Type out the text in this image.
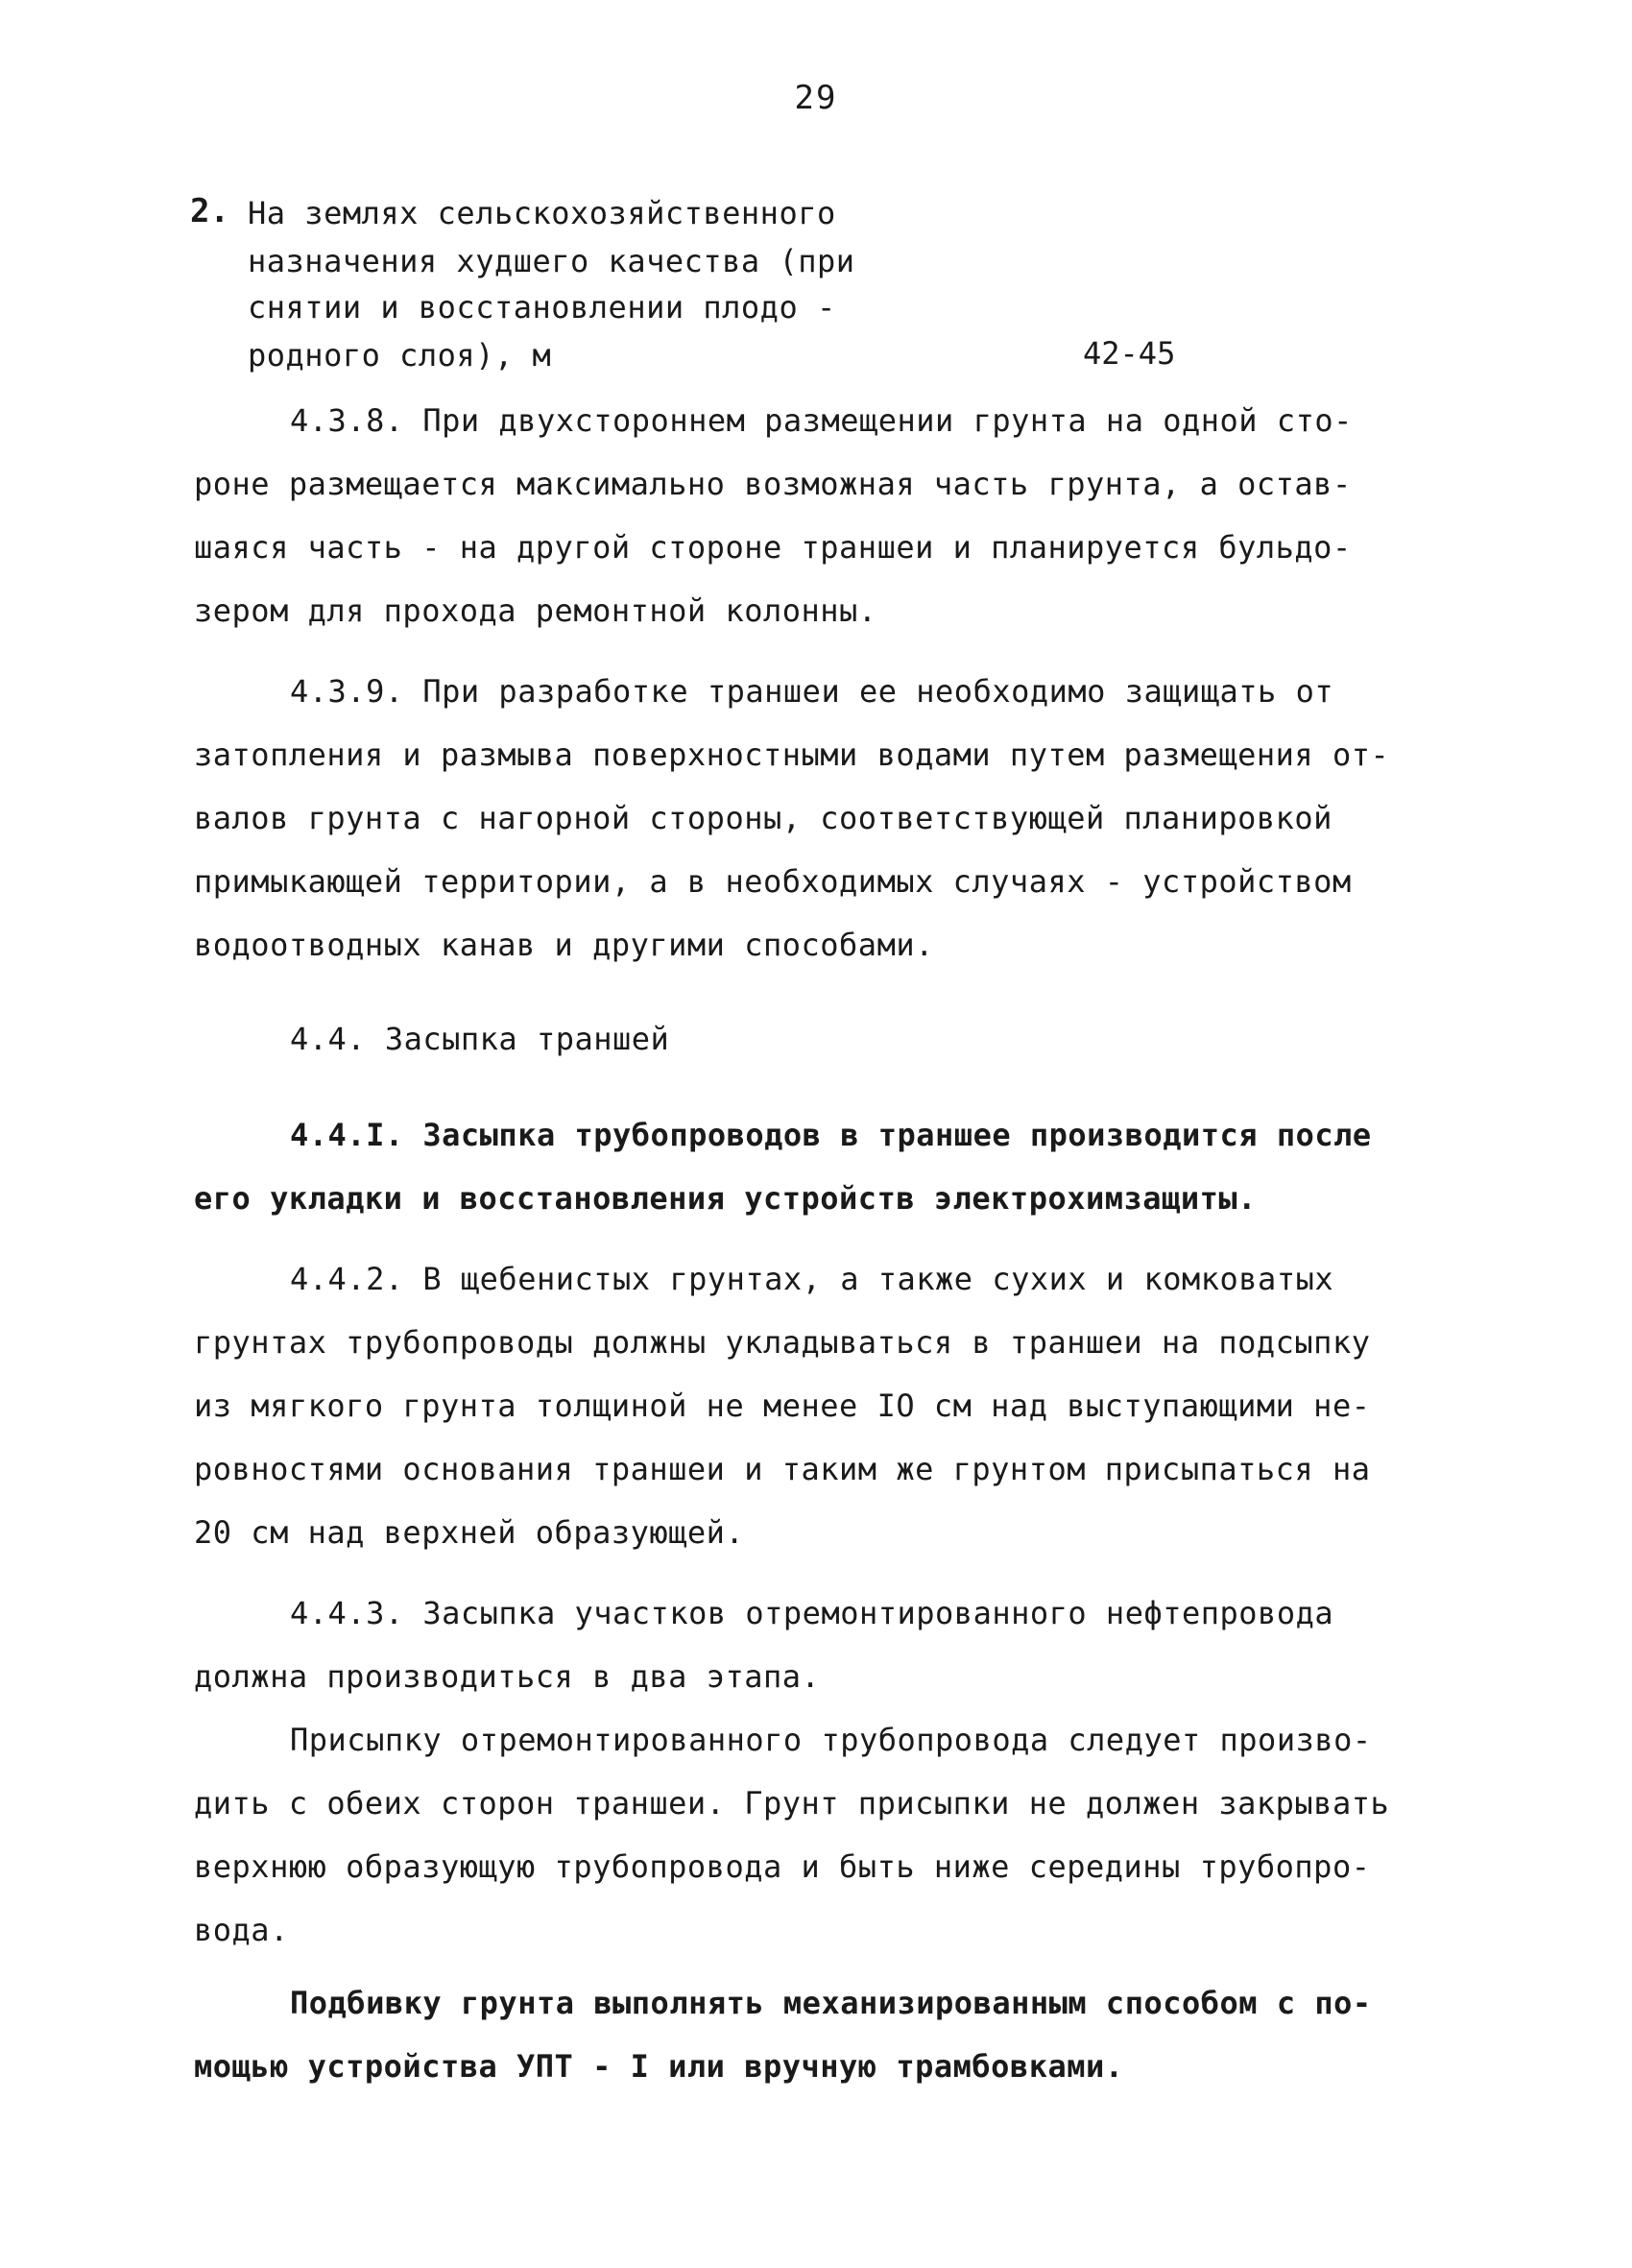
29
2. На землях сельскохозяйственного
назначения худшего качества (при
снятии и восстановлении плодо -
родного слоя), м	42-45
4.3.8. При двухстороннем размещении грунта на одной сто-
роне размещается максимально возможная часть грунта, а остав-
шаяся часть - на другой стороне траншеи и планируется бульдо-
зером для прохода ремонтной колонны.
4.3.9. При разработке траншеи ее необходимо защищать от
затопления и размыва поверхностными водами путем размещения от-
валов грунта с нагорной стороны, соответствующей планировкой
примыкающей территории, а в необходимых случаях - устройством
водоотводных канав и другими способами.
4.4. Засыпка траншей
4.4.I. Засыпка трубопроводов в траншее производится после
его укладки и восстановления устройств электрохимзащиты.
4.4.2. В щебенистых грунтах, а также сухих и комковатых
грунтах трубопроводы должны укладываться в траншеи на подсыпку
из мягкого грунта толщиной не менее IO см над выступающими не-
ровностями основания траншеи и таким же грунтом присыпаться на
20 см над верхней образующей.
4.4.3. Засыпка участков отремонтированного нефтепровода
должна производиться в два этапа.
Присыпку отремонтированного трубопровода следует произво-
дить с обеих сторон траншеи. Грунт присыпки не должен закрывать
верхнюю образующую трубопровода и быть ниже середины трубопро-
вода.
Подбивку грунта выполнять механизированным способом с по-
мощью устройства УПТ - I или вручную трамбовками.
